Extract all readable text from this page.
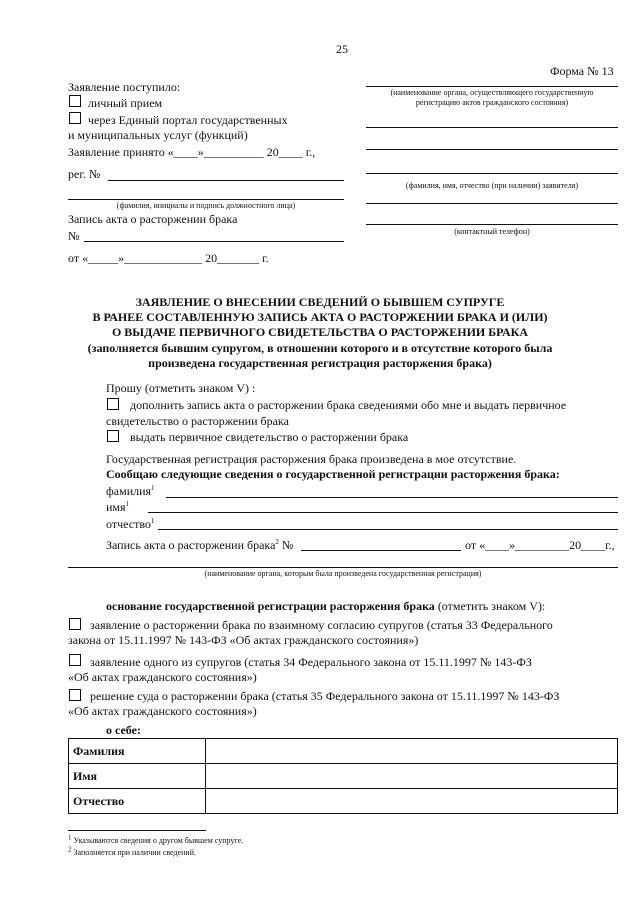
25
Форма № 13
Заявление поступило:
личный прием
через Единый портал государственных
и муниципальных услуг (функций)
Заявление принято «____»__________ 20____ г.,
рег. №
(фамилия, инициалы и подпись должностного лица)
Запись акта о расторжении брака
№
от «_____»_____________ 20_______ г.
(наименование органа, осуществляющего государственную
регистрацию актов гражданского состояния)
(фамилия, имя, отчество (при наличии) заявителя)
(контактный телефон)
ЗАЯВЛЕНИЕ О ВНЕСЕНИИ СВЕДЕНИЙ О БЫВШЕМ СУПРУГЕ
В РАНЕЕ СОСТАВЛЕННУЮ ЗАПИСЬ АКТА О РАСТОРЖЕНИИ БРАКА И (ИЛИ)
О ВЫДАЧЕ ПЕРВИЧНОГО СВИДЕТЕЛЬСТВА О РАСТОРЖЕНИИ БРАКА
(заполняется бывшим супругом, в отношении которого и в отсутствие которого была
произведена государственная регистрация расторжения брака)
Прошу (отметить знаком V) :
дополнить запись акта о расторжении брака сведениями обо мне и выдать первичное
свидетельство о расторжении брака
выдать первичное свидетельство о расторжении брака
Государственная регистрация расторжения брака произведена в мое отсутствие.
Сообщаю следующие сведения о государственной регистрации расторжения брака:
фамилия$^1$
имя$^1$
отчество$^1$
Запись акта о расторжении брака$^2$ №	от «____»_________20____г.,
(наименование органа, которым была произведена государственная регистрация)
основание государственной регистрации расторжения брака (отметить знаком V):
заявление о расторжении брака по взаимному согласию супругов (статья 33 Федерального
закона от 15.11.1997 № 143-ФЗ «Об актах гражданского состояния»)
заявление одного из супругов (статья 34 Федерального закона от 15.11.1997 № 143-ФЗ
«Об актах гражданского состояния»)
решение суда о расторжении брака (статья 35 Федерального закона от 15.11.1997 № 143-ФЗ
«Об актах гражданского состояния»)
о себе:
Фамилия	
Имя	
Отчество	
$^1$ Указываются сведения о другом бывшем супруге.
$^2$ Заполняется при наличии сведений.
